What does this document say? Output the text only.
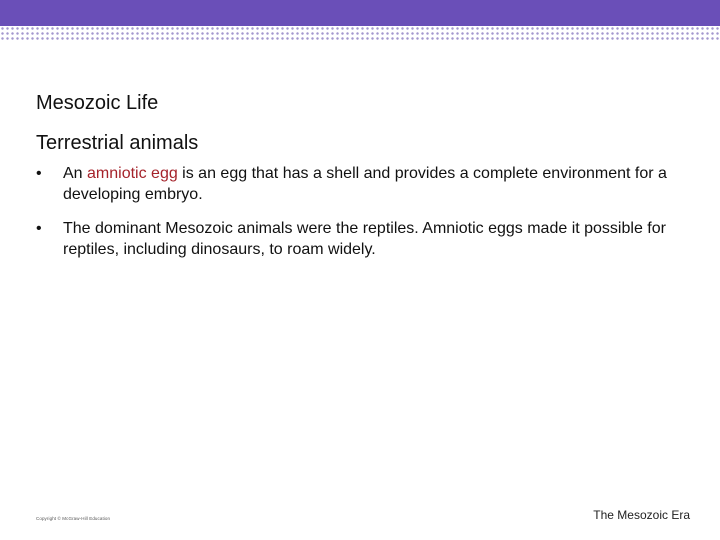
Mesozoic Life
Terrestrial animals
• An amniotic egg is an egg that has a shell and provides a complete environment for a developing embryo.
• The dominant Mesozoic animals were the reptiles. Amniotic eggs made it possible for reptiles, including dinosaurs, to roam widely.
Copyright © McGraw-Hill Education	The Mesozoic Era
